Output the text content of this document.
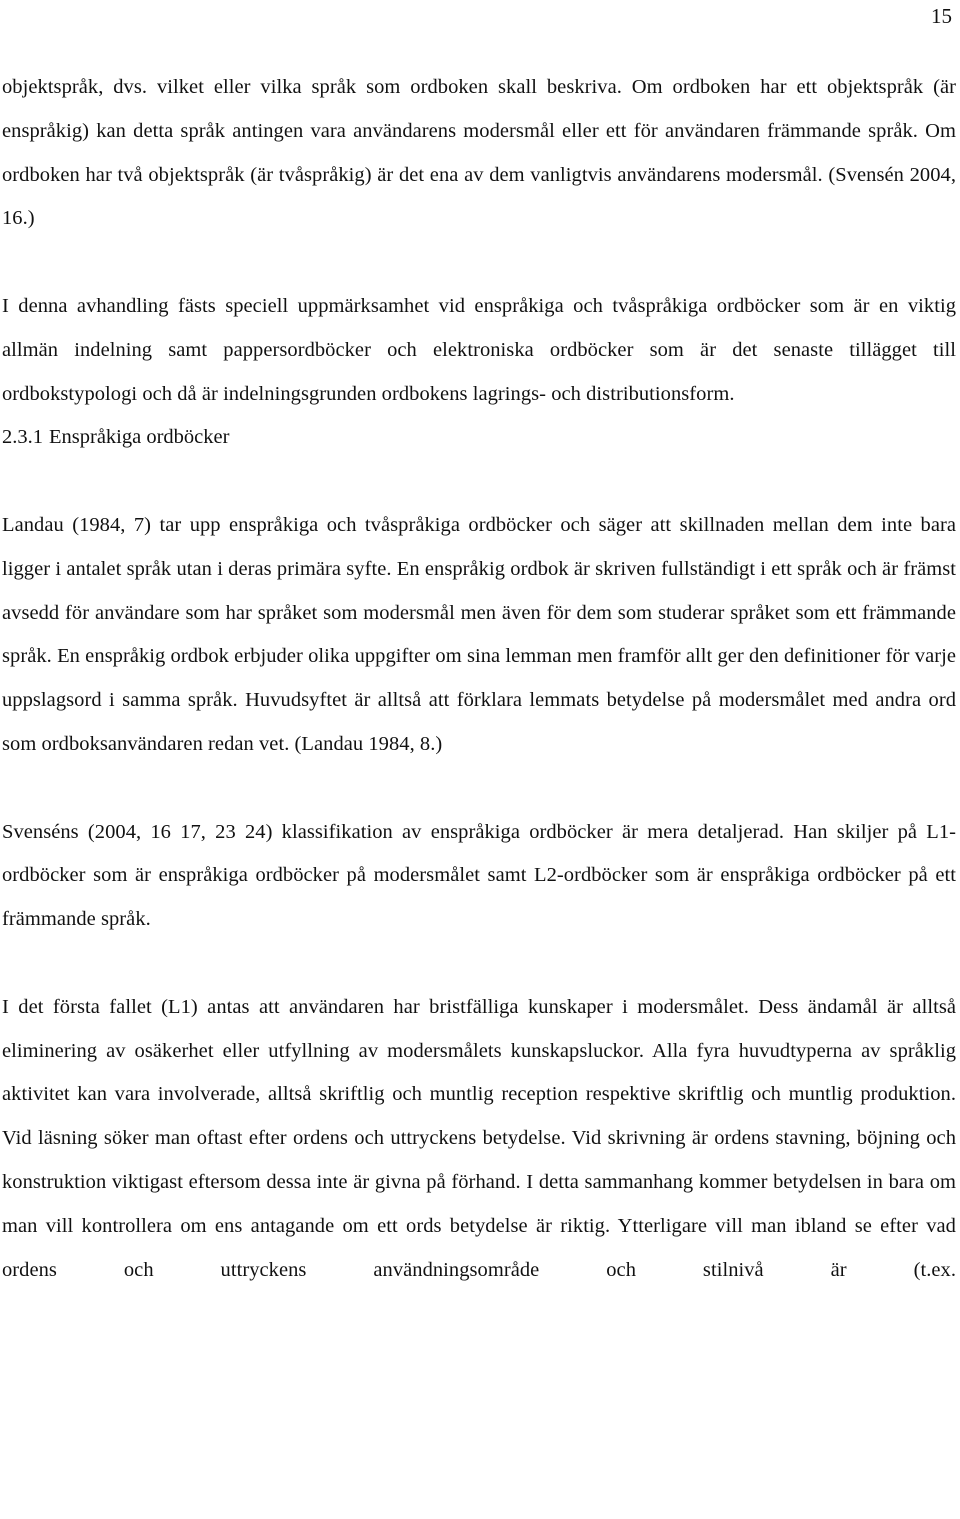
15

objektspråk, dvs. vilket eller vilka språk som ordboken skall beskriva. Om ordboken har ett objektspråk (är enspråkig) kan detta språk antingen vara användarens modersmål eller ett för användaren främmande språk. Om ordboken har två objektspråk (är tvåspråkig) är det ena av dem vanligtvis användarens modersmål. (Svensén 2004, 16.)

I denna avhandling fästs speciell uppmärksamhet vid enspråkiga och tvåspråkiga ordböcker som är en viktig allmän indelning samt pappersordböcker och elektroniska ordböcker som är det senaste tillägget till ordbokstypologi och då är indelningsgrunden ordbokens lagrings- och distributionsform.

2.3.1 Enspråkiga ordböcker

Landau (1984, 7) tar upp enspråkiga och tvåspråkiga ordböcker och säger att skillnaden mellan dem inte bara ligger i antalet språk utan i deras primära syfte. En enspråkig ordbok är skriven fullständigt i ett språk och är främst avsedd för användare som har språket som modersmål men även för dem som studerar språket som ett främmande språk. En enspråkig ordbok erbjuder olika uppgifter om sina lemman men framför allt ger den definitioner för varje uppslagsord i samma språk. Huvudsyftet är alltså att förklara lemmats betydelse på modersmålet med andra ord som ordboksanvändaren redan vet. (Landau 1984, 8.)

Svenséns (2004, 16 17, 23 24) klassifikation av enspråkiga ordböcker är mera detaljerad. Han skiljer på L1-ordböcker som är enspråkiga ordböcker på modersmålet samt L2-ordböcker som är enspråkiga ordböcker på ett främmande språk.

I det första fallet (L1) antas att användaren har bristfälliga kunskaper i modersmålet. Dess ändamål är alltså eliminering av osäkerhet eller utfyllning av modersmålets kunskapsluckor. Alla fyra huvudtyperna av språklig aktivitet kan vara involverade, alltså skriftlig och muntlig reception respektive skriftlig och muntlig produktion. Vid läsning söker man oftast efter ordens och uttryckens betydelse. Vid skrivning är ordens stavning, böjning och konstruktion viktigast eftersom dessa inte är givna på förhand. I detta sammanhang kommer betydelsen in bara om man vill kontrollera om ens antagande om ett ords betydelse är riktig. Ytterligare vill man ibland se efter vad ordens och uttryckens användningsområde och stilnivå är (t.ex.
